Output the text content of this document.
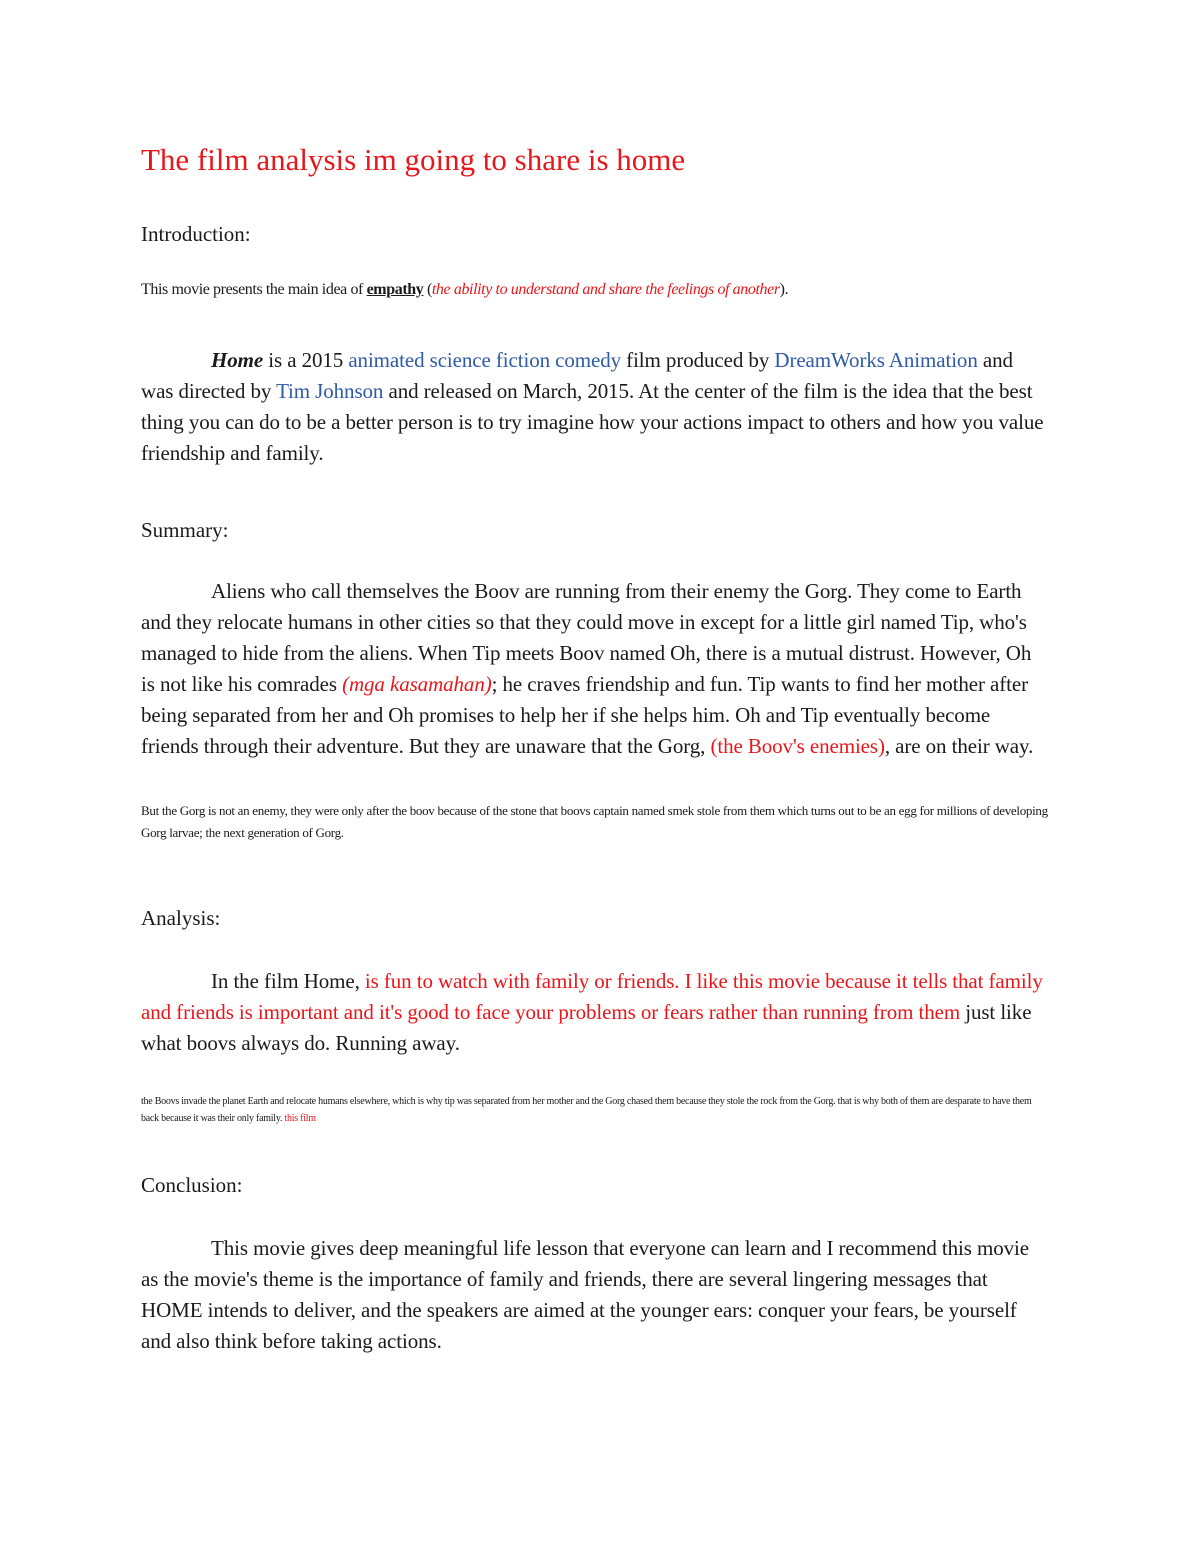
The film analysis im going to share is home

Introduction:

This movie presents the main idea of empathy (the ability to understand and share the feelings of another).

Home is a 2015 animated science fiction comedy film produced by DreamWorks Animation and was directed by Tim Johnson and released on March, 2015. At the center of the film is the idea that the best thing you can do to be a better person is to try imagine how your actions impact to others and how you value friendship and family.

Summary:

Aliens who call themselves the Boov are running from their enemy the Gorg. They come to Earth and they relocate humans in other cities so that they could move in except for a little girl named Tip, who's managed to hide from the aliens. When Tip meets Boov named Oh, there is a mutual distrust. However, Oh is not like his comrades (mga kasamahan); he craves friendship and fun. Tip wants to find her mother after being separated from her and Oh promises to help her if she helps him. Oh and Tip eventually become friends through their adventure. But they are unaware that the Gorg, (the Boov's enemies), are on their way.

But the Gorg is not an enemy, they were only after the boov because of the stone that boovs captain named smek stole from them which turns out to be an egg for millions of developing Gorg larvae; the next generation of Gorg.

Analysis:

In the film Home, is fun to watch with family or friends. I like this movie because it tells that family and friends is important and it's good to face your problems or fears rather than running from them just like what boovs always do. Running away.

the Boovs invade the planet Earth and relocate humans elsewhere, which is why tip was separated from her mother and the Gorg chased them because they stole the rock from the Gorg. that is why both of them are desparate to have them back because it was their only family. this film

Conclusion:

This movie gives deep meaningful life lesson that everyone can learn and I recommend this movie as the movie's theme is the importance of family and friends, there are several lingering messages that HOME intends to deliver, and the speakers are aimed at the younger ears: conquer your fears, be yourself and also think before taking actions.
